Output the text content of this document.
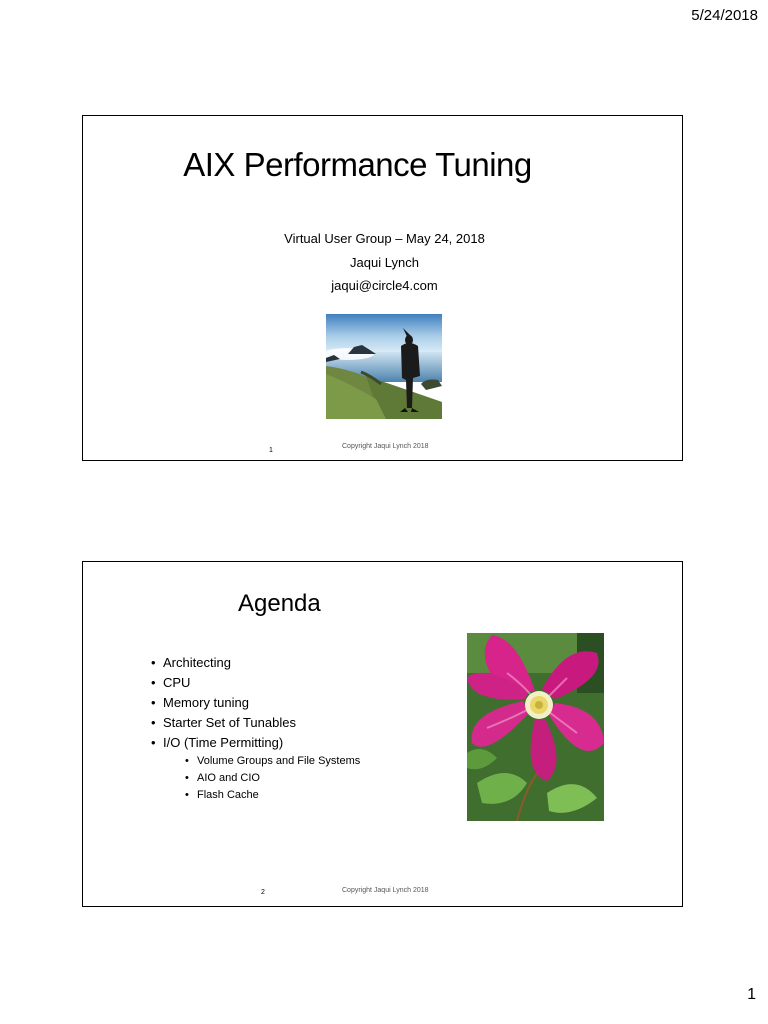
5/24/2018
AIX Performance Tuning
Virtual User Group – May 24, 2018
Jaqui Lynch
jaqui@circle4.com
1
Copyright Jaqui Lynch 2018
Agenda
• Architecting
• CPU
• Memory tuning
• Starter Set of Tunables
• I/O (Time Permitting)
• Volume Groups and File Systems
• AIO and CIO
• Flash Cache
2	Copyright Jaqui Lynch 2018
1
